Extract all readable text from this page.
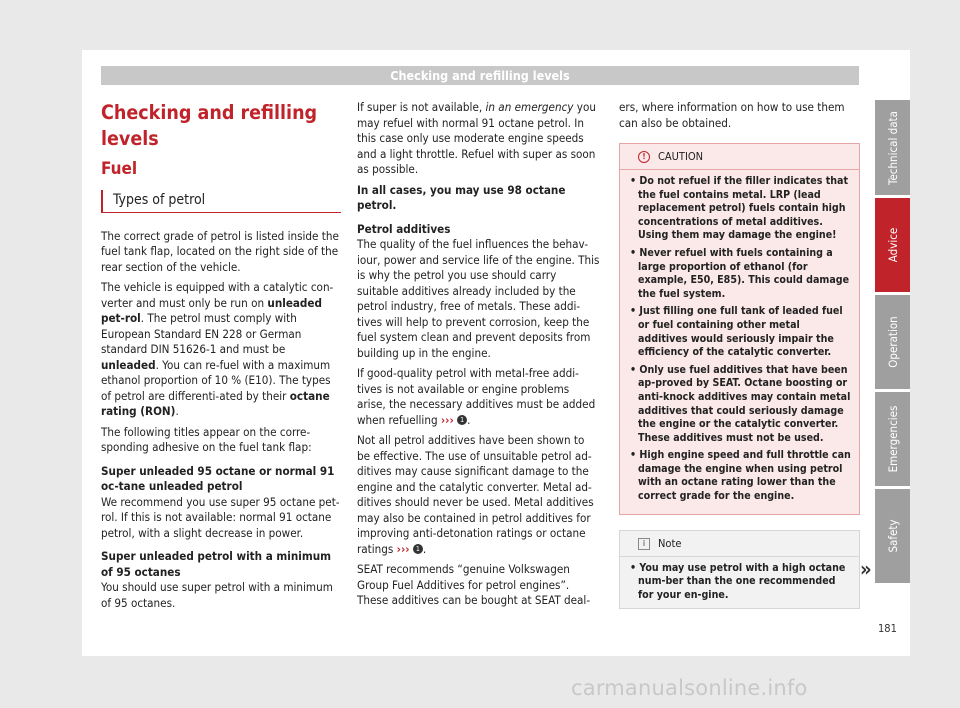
Checking and refilling levels
Checking and refilling levels
Fuel
Types of petrol

The correct grade of petrol is listed inside the fuel tank flap, located on the right side of the rear section of the vehicle.

The vehicle is equipped with a catalytic con-verter and must only be run on unleaded pet-rol. The petrol must comply with European Standard EN 228 or German standard DIN 51626-1 and must be unleaded. You can re-fuel with a maximum ethanol proportion of 10 % (E10). The types of petrol are differenti-ated by their octane rating (RON).

The following titles appear on the corre-sponding adhesive on the fuel tank flap:

Super unleaded 95 octane or normal 91 oc-tane unleaded petrol

We recommend you use super 95 octane pet-rol. If this is not available: normal 91 octane petrol, with a slight decrease in power.

Super unleaded petrol with a minimum of 95 octanes

You should use super petrol with a minimum of 95 octanes.

If super is not available, in an emergency you may refuel with normal 91 octane petrol. In this case only use moderate engine speeds and a light throttle. Refuel with super as soon as possible.

In all cases, you may use 98 octane petrol.

Petrol additives

The quality of the fuel influences the behav-iour, power and service life of the engine. This is why the petrol you use should carry suitable additives already included by the petrol industry, free of metals. These addi-tives will help to prevent corrosion, keep the fuel system clean and prevent deposits from building up in the engine.

If good-quality petrol with metal-free addi-tives is not available or engine problems arise, the necessary additives must be added when refuelling ››› 1 .

Not all petrol additives have been shown to be effective. The use of unsuitable petrol ad-ditives may cause significant damage to the engine and the catalytic converter. Metal ad-ditives should never be used. Metal additives may also be contained in petrol additives for improving anti-detonation ratings or octane ratings ››› 1 .

SEAT recommends “genuine Volkswagen Group Fuel Additives for petrol engines”. These additives can be bought at SEAT deal-

ers, where information on how to use them can also be obtained.

!	CAUTION
• Do not refuel if the filler indicates that the fuel contains metal. LRP (lead replacement petrol) fuels contain high concentrations of metal additives. Using them may damage the engine!
• Never refuel with fuels containing a large proportion of ethanol (for example, E50, E85). This could damage the fuel system.
• Just filling one full tank of leaded fuel or fuel containing other metal additives would seriously impair the efficiency of the catalytic converter.
• Only use fuel additives that have been ap-proved by SEAT. Octane boosting or anti-knock additives may contain metal additives that could seriously damage the engine or the catalytic converter. These additives must not be used.
• High engine speed and full throttle can damage the engine when using petrol with an octane rating lower than the correct grade for the engine.
i	Note
• You may use petrol with a high octane num-ber than the one recommended for your en-gine.
»
Technical data
Advice
Operation
Emergencies
Safety
181
carmanualsonline.info
